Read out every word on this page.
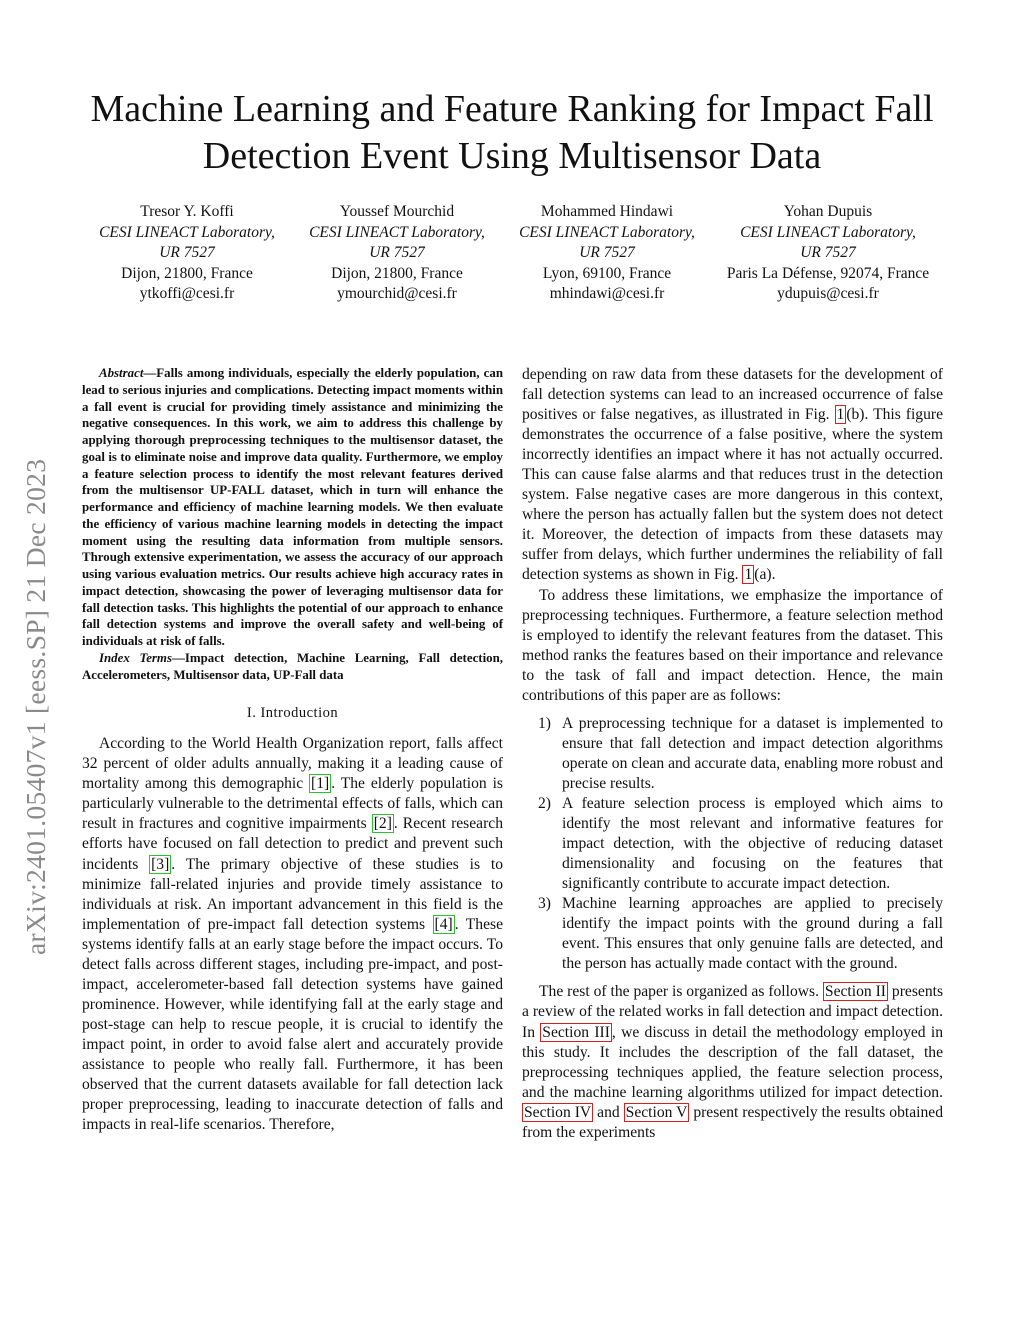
arXiv:2401.05407v1 [eess.SP] 21 Dec 2023
Machine Learning and Feature Ranking for Impact Fall Detection Event Using Multisensor Data
Tresor Y. Koffi
CESI LINEACT Laboratory,
UR 7527
Dijon, 21800, France
ytkoffi@cesi.fr
Youssef Mourchid
CESI LINEACT Laboratory,
UR 7527
Dijon, 21800, France
ymourchid@cesi.fr
Mohammed Hindawi
CESI LINEACT Laboratory,
UR 7527
Lyon, 69100, France
mhindawi@cesi.fr
Yohan Dupuis
CESI LINEACT Laboratory,
UR 7527
Paris La Défense, 92074, France
ydupuis@cesi.fr

Abstract—Falls among individuals, especially the elderly population, can lead to serious injuries and complications. Detecting impact moments within a fall event is crucial for providing timely assistance and minimizing the negative consequences. In this work, we aim to address this challenge by applying thorough preprocessing techniques to the multisensor dataset, the goal is to eliminate noise and improve data quality. Furthermore, we employ a feature selection process to identify the most relevant features derived from the multisensor UP-FALL dataset, which in turn will enhance the performance and efficiency of machine learning models. We then evaluate the efficiency of various machine learning models in detecting the impact moment using the resulting data information from multiple sensors. Through extensive experimentation, we assess the accuracy of our approach using various evaluation metrics. Our results achieve high accuracy rates in impact detection, showcasing the power of leveraging multisensor data for fall detection tasks. This highlights the potential of our approach to enhance fall detection systems and improve the overall safety and well-being of individuals at risk of falls.

Index Terms—Impact detection, Machine Learning, Fall detection, Accelerometers, Multisensor data, UP-Fall data

I. Introduction

According to the World Health Organization report, falls affect 32 percent of older adults annually, making it a leading cause of mortality among this demographic [1] . The elderly population is particularly vulnerable to the detrimental effects of falls, which can result in fractures and cognitive impairments [2] . Recent research efforts have focused on fall detection to predict and prevent such incidents [3] . The primary objective of these studies is to minimize fall-related injuries and provide timely assistance to individuals at risk. An important advancement in this field is the implementation of pre-impact fall detection systems [4] . These systems identify falls at an early stage before the impact occurs. To detect falls across different stages, including pre-impact, and post-impact, accelerometer-based fall detection systems have gained prominence. However, while identifying fall at the early stage and post-stage can help to rescue people, it is crucial to identify the impact point, in order to avoid false alert and accurately provide assistance to people who really fall. Furthermore, it has been observed that the current datasets available for fall detection lack proper preprocessing, leading to inaccurate detection of falls and impacts in real-life scenarios. Therefore,

depending on raw data from these datasets for the development of fall detection systems can lead to an increased occurrence of false positives or false negatives, as illustrated in Fig. 1 (b). This figure demonstrates the occurrence of a false positive, where the system incorrectly identifies an impact where it has not actually occurred. This can cause false alarms and that reduces trust in the detection system. False negative cases are more dangerous in this context, where the person has actually fallen but the system does not detect it. Moreover, the detection of impacts from these datasets may suffer from delays, which further undermines the reliability of fall detection systems as shown in Fig. 1 (a).

To address these limitations, we emphasize the importance of preprocessing techniques. Furthermore, a feature selection method is employed to identify the relevant features from the dataset. This method ranks the features based on their importance and relevance to the task of fall and impact detection. Hence, the main contributions of this paper are as follows:

1) A preprocessing technique for a dataset is implemented to ensure that fall detection and impact detection algorithms operate on clean and accurate data, enabling more robust and precise results.
2) A feature selection process is employed which aims to identify the most relevant and informative features for impact detection, with the objective of reducing dataset dimensionality and focusing on the features that significantly contribute to accurate impact detection.
3) Machine learning approaches are applied to precisely identify the impact points with the ground during a fall event. This ensures that only genuine falls are detected, and the person has actually made contact with the ground.

The rest of the paper is organized as follows. Section II presents a review of the related works in fall detection and impact detection. In Section III , we discuss in detail the methodology employed in this study. It includes the description of the fall dataset, the preprocessing techniques applied, the feature selection process, and the machine learning algorithms utilized for impact detection. Section IV and Section V present respectively the results obtained from the experiments
